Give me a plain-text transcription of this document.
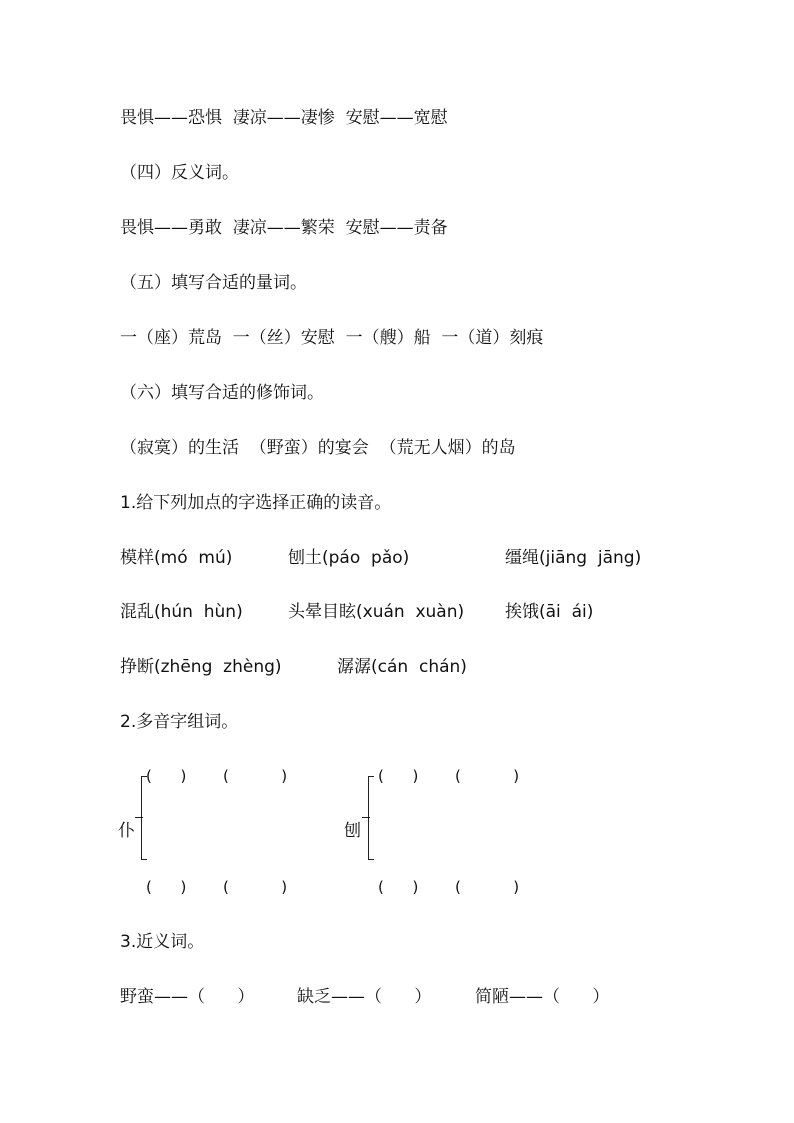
畏惧——恐惧  凄凉——凄惨  安慰——宽慰
（四）反义词。
畏惧——勇敢  凄凉——繁荣  安慰——责备
（五）填写合适的量词。
一（座）荒岛  一（丝）安慰  一（艘）船  一（道）刻痕
（六）填写合适的修饰词。
（寂寞）的生活  （野蛮）的宴会  （荒无人烟）的岛
1.给下列加点的字选择正确的读音。
模样(mó  mú)	刨土(páo  pǎo)	缰绳(jiāng  jāng)
混乱(hún  hùn)	头晕目眩(xuán  xuàn) 挨饿(āi  ái)
挣断(zhēng  zhèng)	潺潺(cán  chán)
2.多音字组词。
仆
(      ) (           )
(      ) (           )
刨
(      ) (           )
(      ) (           )
3.近义词。
野蛮——（      ）	缺乏——（      ）	简陋——（      ）
